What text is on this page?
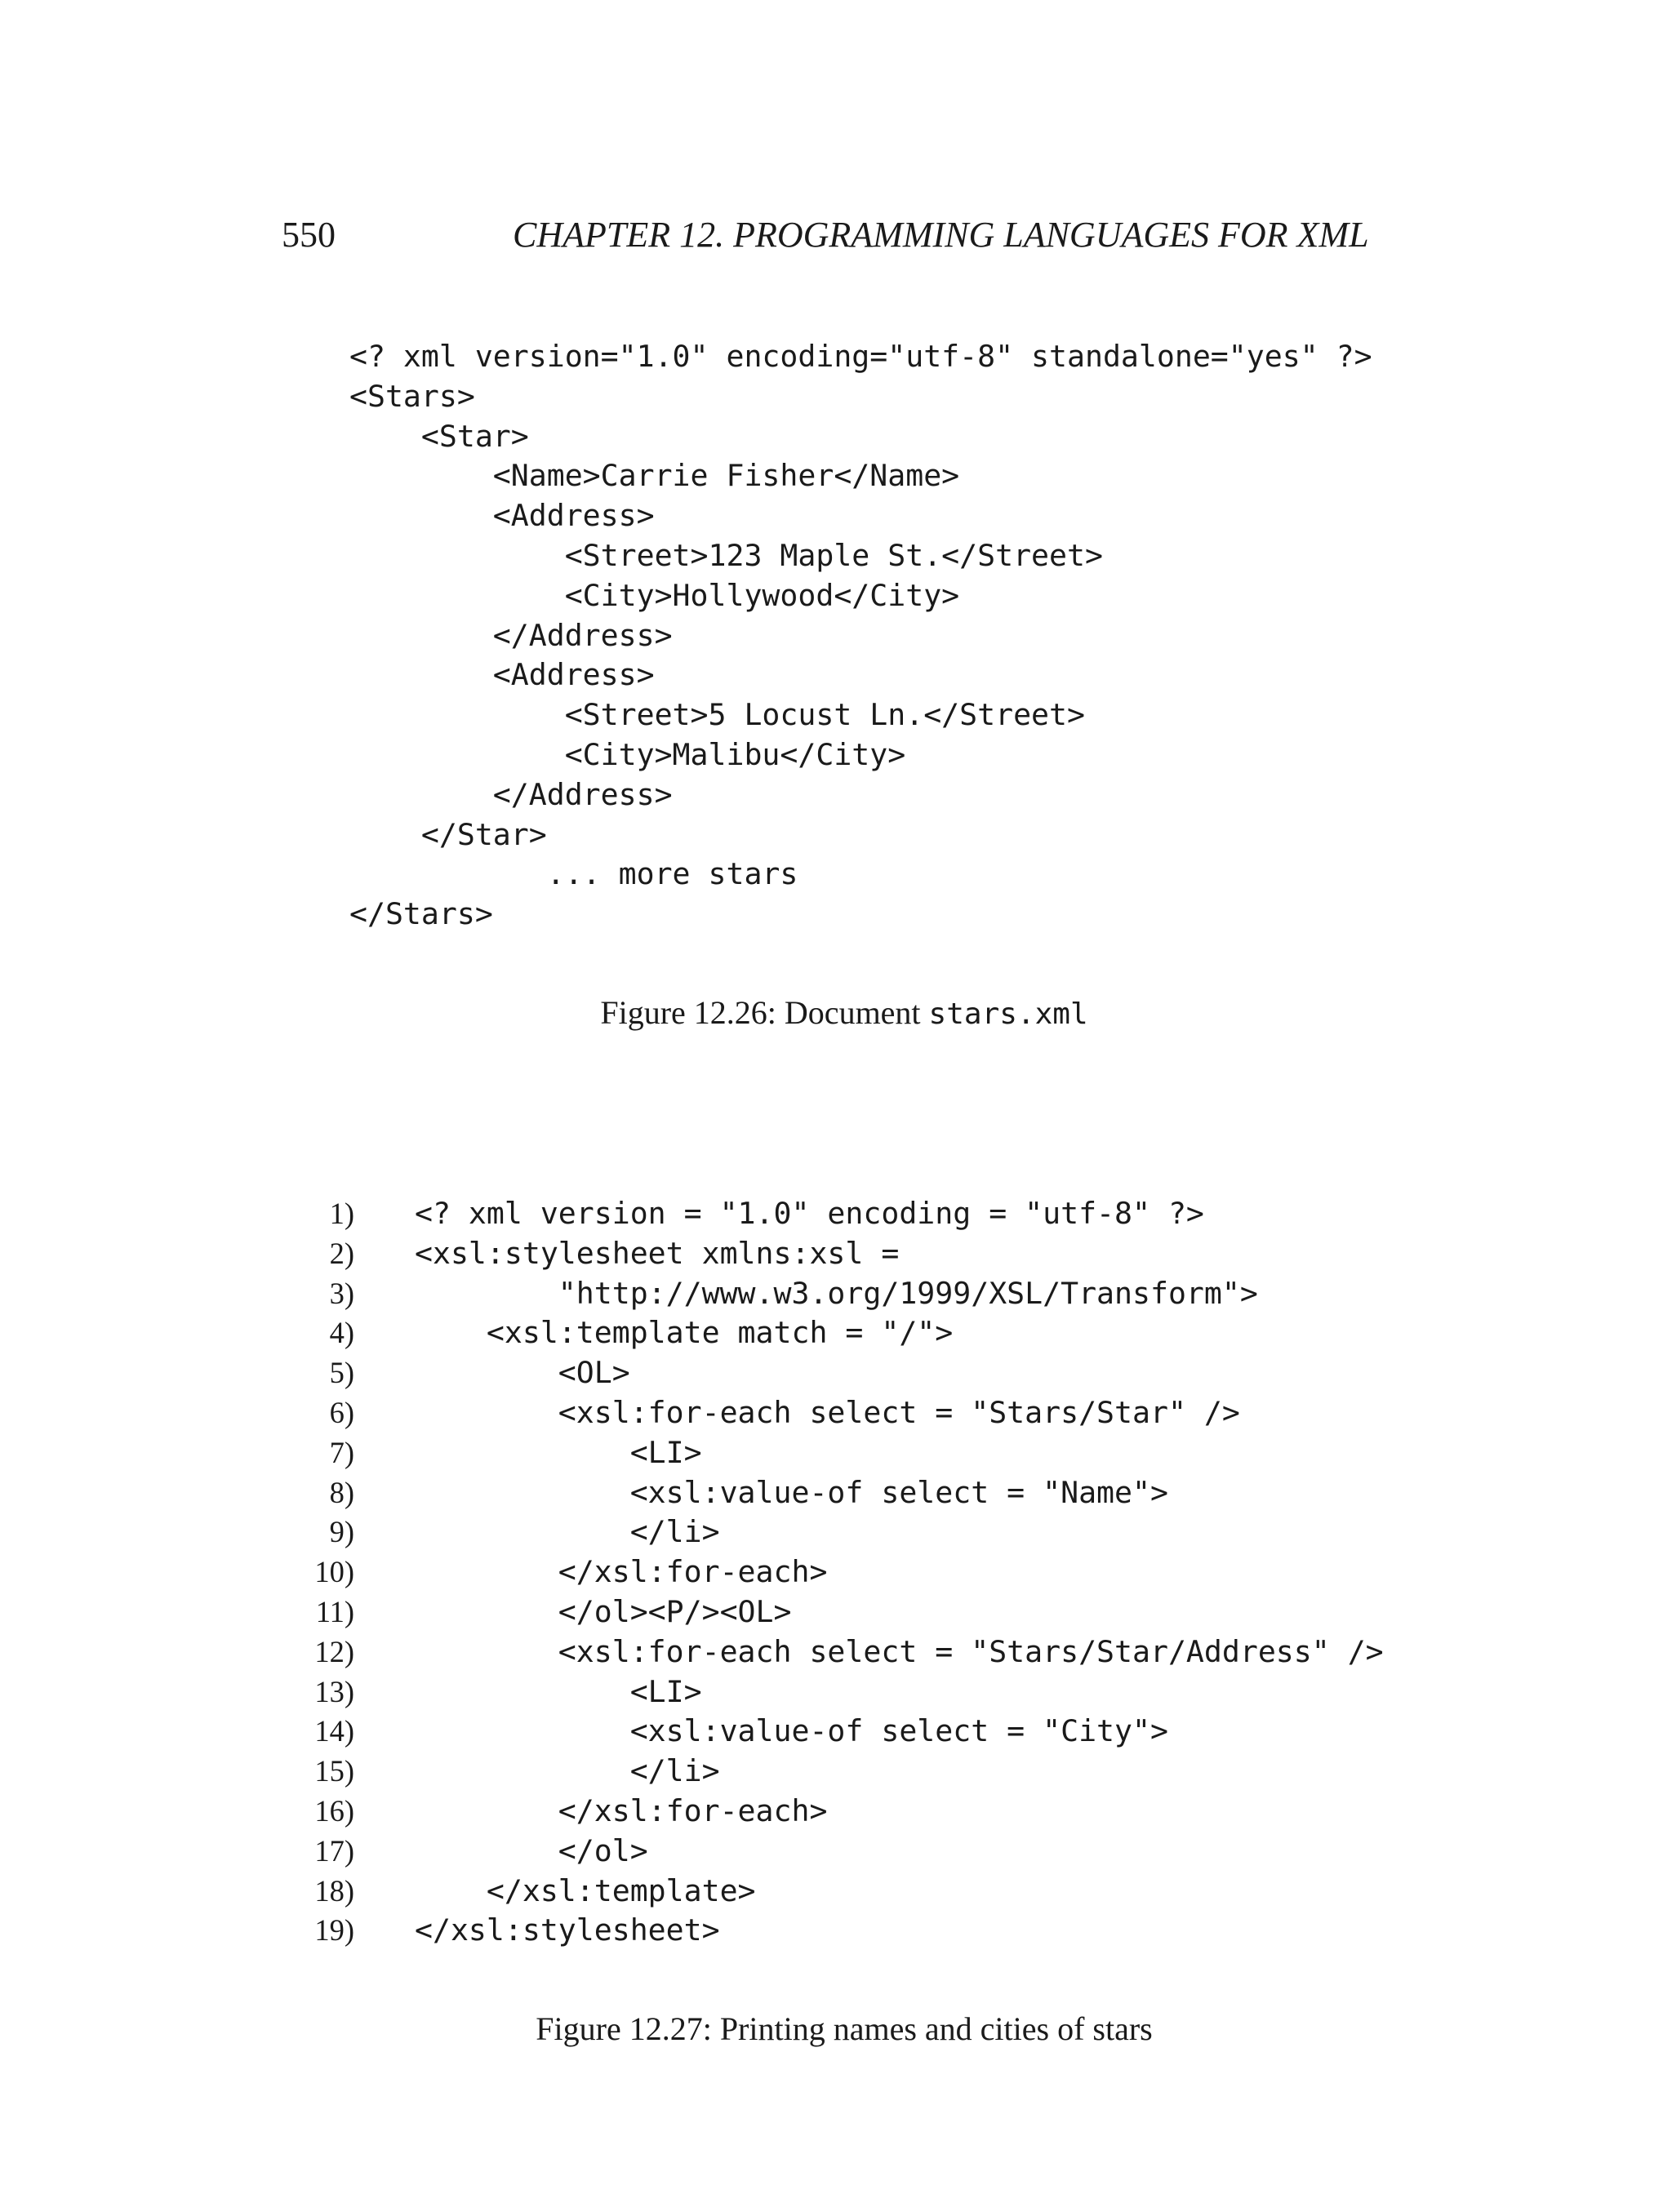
550	CHAPTER 12. PROGRAMMING LANGUAGES FOR XML
<? xml version="1.0" encoding="utf-8" standalone="yes" ?>
<Stars>
<Star>
<Name>Carrie Fisher</Name>
<Address>
<Street>123 Maple St.</Street>
<City>Hollywood</City>
</Address>
<Address>
<Street>5 Locust Ln.</Street>
<City>Malibu</City>
</Address>
</Star>
... more stars
</Stars>
Figure 12.26: Document stars.xml
1)
2)
3)
4)
5)
6)
7)
8)
9)
10)
11)
12)
13)
14)
15)
16)
17)
18)
19)
<? xml version = "1.0" encoding = "utf-8" ?>
<xsl:stylesheet xmlns:xsl =
"http://www.w3.org/1999/XSL/Transform">
<xsl:template match = "/">
<OL>
<xsl:for-each select = "Stars/Star" />
<LI>
<xsl:value-of select = "Name">
</li>
</xsl:for-each>
</ol><P/><OL>
<xsl:for-each select = "Stars/Star/Address" />
<LI>
<xsl:value-of select = "City">
</li>
</xsl:for-each>
</ol>
</xsl:template>
</xsl:stylesheet>
Figure 12.27: Printing names and cities of stars
